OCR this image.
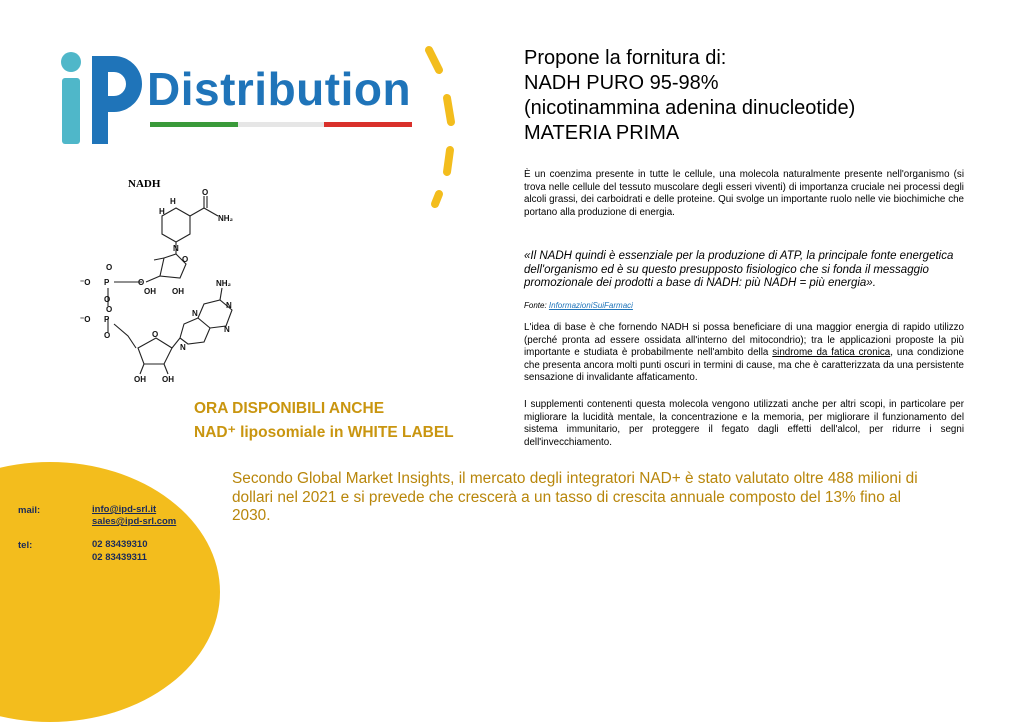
Distribution
Propone la fornitura di:
NADH PURO 95-98%
(nicotinammina adenina dinucleotide)
MATERIA PRIMA
È un coenzima presente in tutte le cellule, una molecola naturalmente presente nell'organismo (si trova nelle cellule del tessuto muscolare degli esseri viventi) di importanza cruciale nei processi degli alcoli grassi, dei carboidrati e delle proteine. Qui svolge un importante ruolo nelle vie biochimiche che portano alla produzione di energia.
«Il NADH quindi è essenziale per la produzione di ATP, la principale fonte energetica dell'organismo ed è su questo presupposto fisiologico che si fonda il messaggio promozionale dei prodotti a base di NADH: più NADH = più energia».
Fonte: InformazioniSuiFarmaci
L'idea di base è che fornendo NADH si possa beneficiare di una maggior energia di rapido utilizzo (perché pronta ad essere ossidata all'interno del mitocondrio); tra le applicazioni proposte la più importante e studiata è probabilmente nell'ambito della sindrome da fatica cronica, una condizione che presenta ancora molti punti oscuri in termini di cause, ma che è caratterizzata da una persistente sensazione di invalidante affaticamento.
I supplementi contenenti questa molecola vengono utilizzati anche per altri scopi, in particolare per migliorare la lucidità mentale, la concentrazione e la memoria, per migliorare il funzionamento del sistema immunitario, per proteggere il fegato dagli effetti dell'alcol, per ridurre i segni dell'invecchiamento.
NADH
H
H
NH₂
O
N
O
O
O
P
⁻O
O
OH OH
O
⁻O P
O
NH₂
N
N
N
N
O
OH OH
ORA DISPONIBILI ANCHE
NAD⁺ liposomiale in WHITE LABEL
Secondo Global Market Insights, il mercato degli integratori NAD+ è stato valutato oltre 488 milioni di dollari nel 2021 e si prevede che crescerà a un tasso di crescita annuale composto del 13% fino al 2030.
mail:	info@ipd-srl.it
sales@ipd-srl.com
tel:	02 83439310
02 83439311
